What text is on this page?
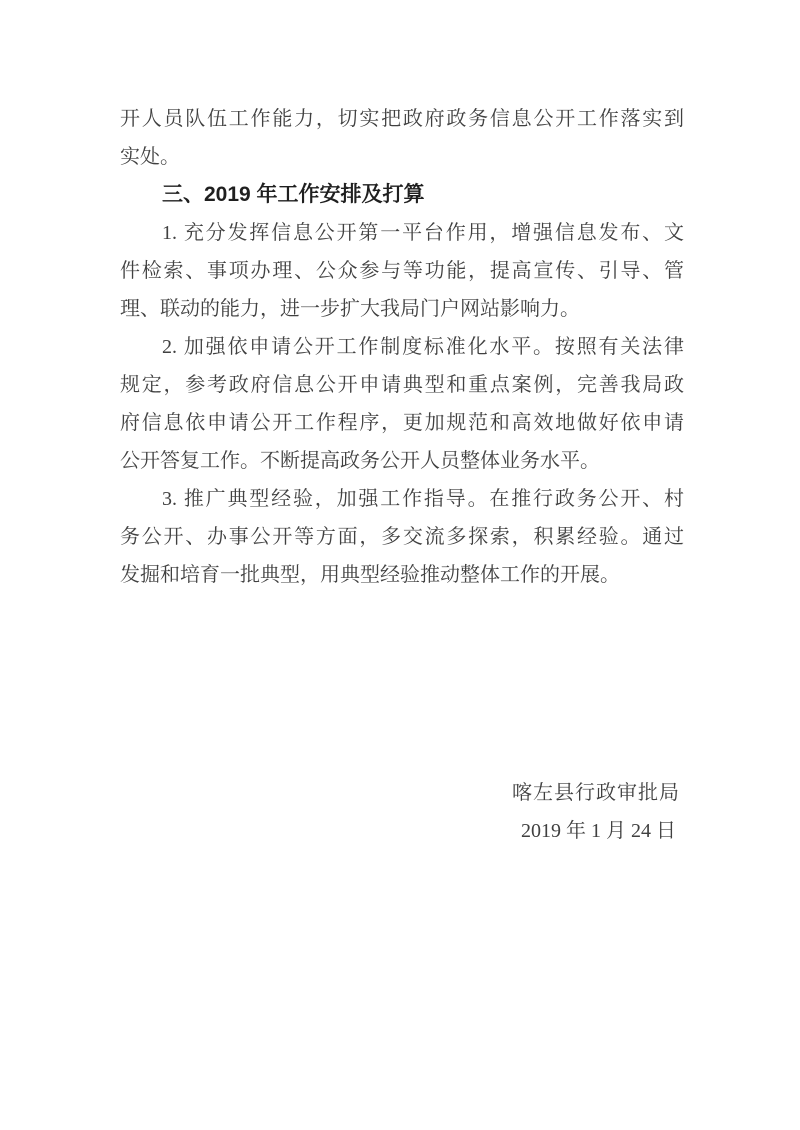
开人员队伍工作能力，切实把政府政务信息公开工作落实到
实处。
三、2019 年工作安排及打算
1. 充分发挥信息公开第一平台作用，增强信息发布、文
件检索、事项办理、公众参与等功能，提高宣传、引导、管
理、联动的能力，进一步扩大我局门户网站影响力。
2. 加强依申请公开工作制度标准化水平。按照有关法律
规定，参考政府信息公开申请典型和重点案例，完善我局政
府信息依申请公开工作程序，更加规范和高效地做好依申请
公开答复工作。不断提高政务公开人员整体业务水平。
3. 推广典型经验，加强工作指导。在推行政务公开、村
务公开、办事公开等方面，多交流多探索，积累经验。通过
发掘和培育一批典型，用典型经验推动整体工作的开展。
喀左县行政审批局
2019 年 1 月 24 日
